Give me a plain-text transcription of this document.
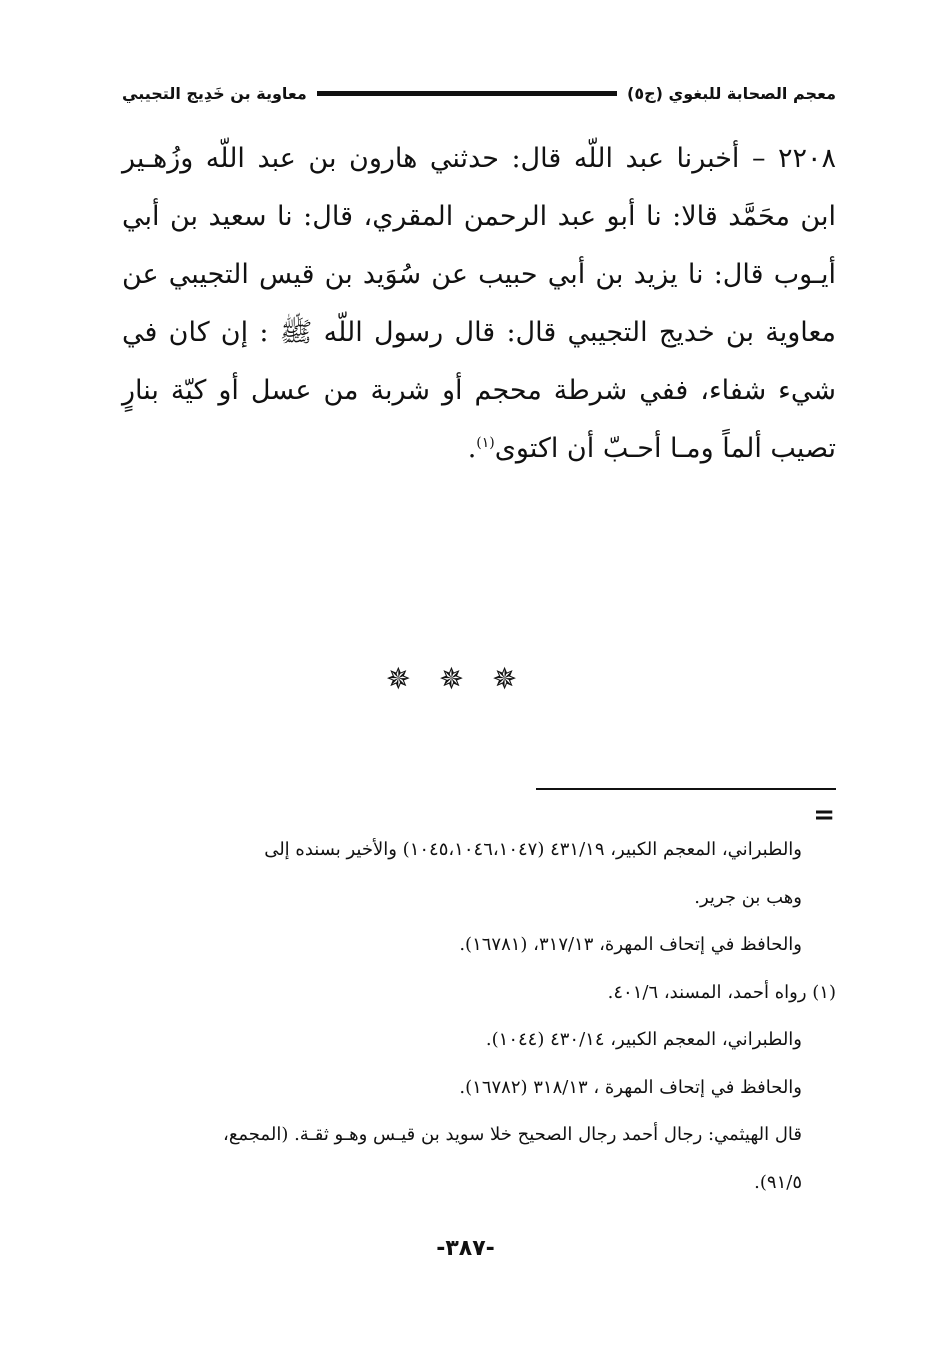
معجم الصحابة للبغوي (ج٥)
معاوية بن خَدِيج التجيبي
٢٢٠٨ – أخبرنا عبد اللّه قال: حدثني هارون بن عبد اللّه وزُهـير ابن محَمَّد قالا: نا أبو عبد الرحمن المقري، قال: نا سعيد بن أبي أيـوب قال: نا يزيد بن أبي حبيب عن سُوَيد بن قيس التجيبي عن معاوية بن خديج التجيبي قال: قال رسول اللّه ﷺ : إن كان في شيء شفاء، ففي شرطة محجم أو شربة من عسل أو كيّة بنارٍ تصيب ألماً ومـا أحـبّ أن اكتوى$^{(١)}$.
✵✵✵
=
والطبراني، المعجم الكبير، ٤٣١/١٩ (١٠٤٥،١٠٤٦،١٠٤٧) والأخير بسنده إلى
وهب بن جرير.
والحافظ في إتحاف المهرة، ٣١٧/١٣، (١٦٧٨١).
(١) رواه أحمد، المسند، ٤٠١/٦.
والطبراني، المعجم الكبير، ٤٣٠/١٤ (١٠٤٤).
والحافظ في إتحاف المهرة ، ٣١٨/١٣ (١٦٧٨٢).
قال الهيثمي: رجال أحمد رجال الصحيح خلا سويد بن قيـس وهـو ثقـة. (المجمع،
٩١/٥).
-٣٨٧-
